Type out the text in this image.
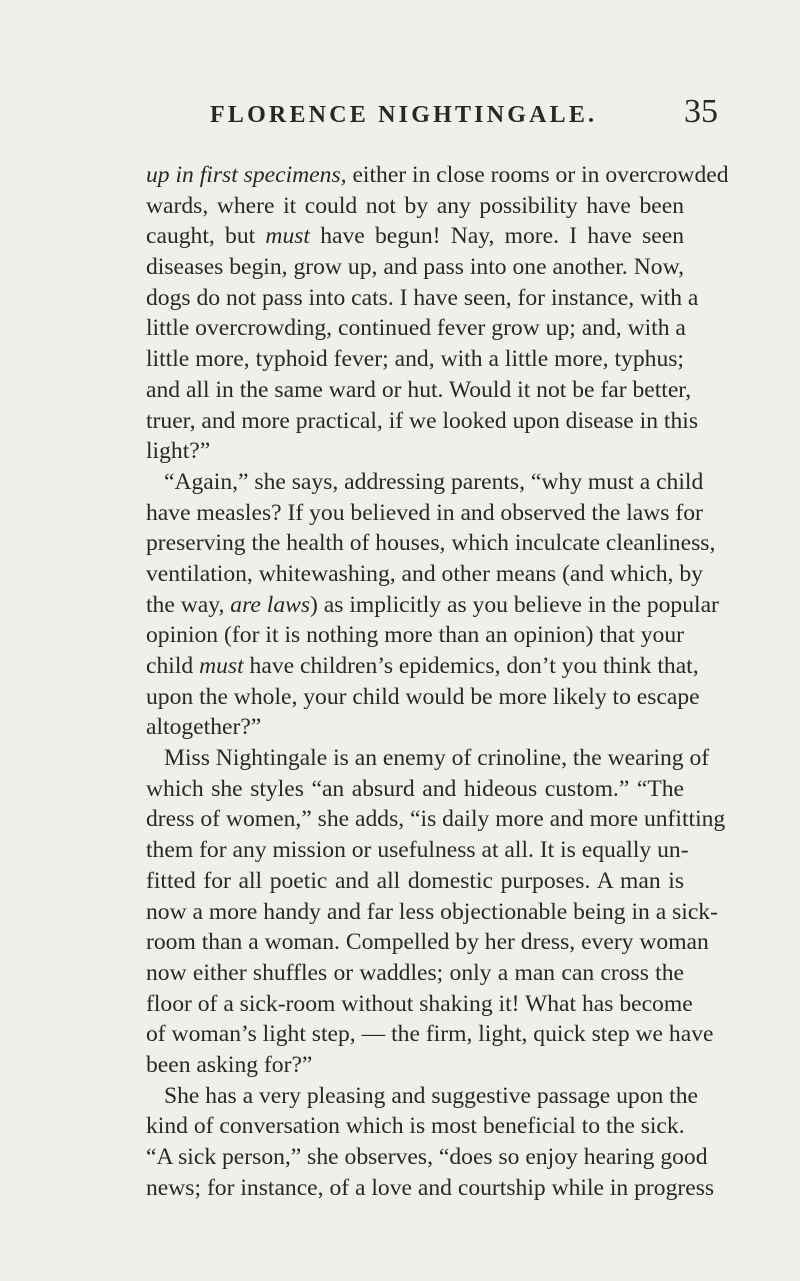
FLORENCE NIGHTINGALE.	35
up in first specimens, either in close rooms or in overcrowded
wards, where it could not by any possibility have been
caught, but must have begun! Nay, more. I have seen
diseases begin, grow up, and pass into one another. Now,
dogs do not pass into cats. I have seen, for instance, with a
little overcrowding, continued fever grow up; and, with a
little more, typhoid fever; and, with a little more, typhus;
and all in the same ward or hut. Would it not be far better,
truer, and more practical, if we looked upon disease in this
light?”
“Again,” she says, addressing parents, “why must a child
have measles? If you believed in and observed the laws for
preserving the health of houses, which inculcate cleanliness,
ventilation, whitewashing, and other means (and which, by
the way, are laws) as implicitly as you believe in the popular
opinion (for it is nothing more than an opinion) that your
child must have children’s epidemics, don’t you think that,
upon the whole, your child would be more likely to escape
altogether?”
Miss Nightingale is an enemy of crinoline, the wearing of
which she styles “an absurd and hideous custom.” “The
dress of women,” she adds, “is daily more and more unfitting
them for any mission or usefulness at all. It is equally un-
fitted for all poetic and all domestic purposes. A man is
now a more handy and far less objectionable being in a sick-
room than a woman. Compelled by her dress, every woman
now either shuffles or waddles; only a man can cross the
floor of a sick-room without shaking it! What has become
of woman’s light step, — the firm, light, quick step we have
been asking for?”
She has a very pleasing and suggestive passage upon the
kind of conversation which is most beneficial to the sick.
“A sick person,” she observes, “does so enjoy hearing good
news; for instance, of a love and courtship while in progress
